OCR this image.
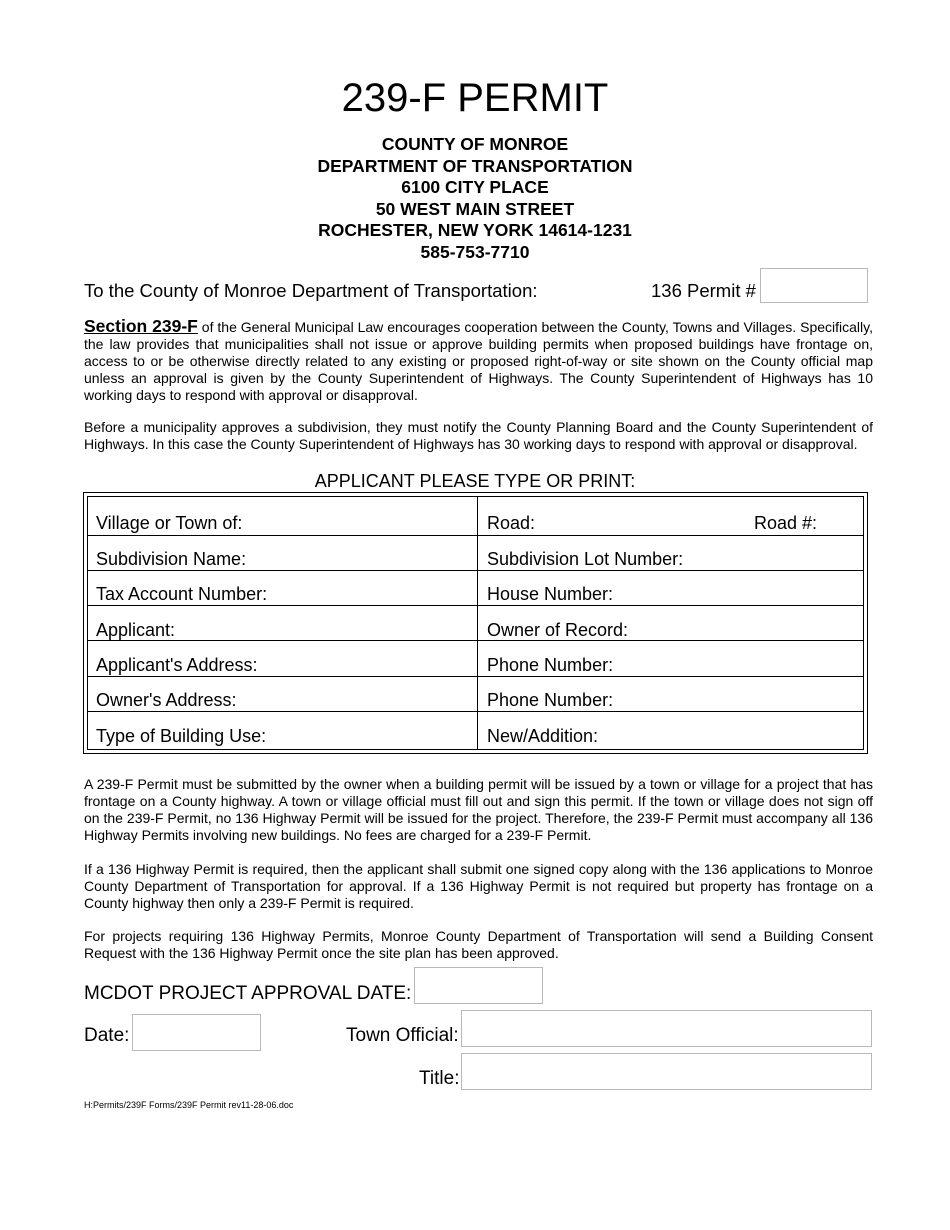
239-F PERMIT
COUNTY OF MONROE
DEPARTMENT OF TRANSPORTATION
6100 CITY PLACE
50 WEST MAIN STREET
ROCHESTER, NEW YORK 14614-1231
585-753-7710
To the County of Monroe Department of Transportation:	136 Permit #
Section 239-F of the General Municipal Law encourages cooperation between the County, Towns and Villages. Specifically, the law provides that municipalities shall not issue or approve building permits when proposed buildings have frontage on, access to or be otherwise directly related to any existing or proposed right-of-way or site shown on the County official map unless an approval is given by the County Superintendent of Highways. The County Superintendent of Highways has 10 working days to respond with approval or disapproval.
Before a municipality approves a subdivision, they must notify the County Planning Board and the County Superintendent of Highways. In this case the County Superintendent of Highways has 30 working days to respond with approval or disapproval.
APPLICANT PLEASE TYPE OR PRINT:
Village or Town of:	Road:	Road #:
Subdivision Name:	Subdivision Lot Number:
Tax Account Number:	House Number:
Applicant:	Owner of Record:
Applicant's Address:	Phone Number:
Owner's Address:	Phone Number:
Type of Building Use:	New/Addition:
A 239-F Permit must be submitted by the owner when a building permit will be issued by a town or village for a project that has frontage on a County highway. A town or village official must fill out and sign this permit. If the town or village does not sign off on the 239-F Permit, no 136 Highway Permit will be issued for the project. Therefore, the 239-F Permit must accompany all 136 Highway Permits involving new buildings. No fees are charged for a 239-F Permit.
If a 136 Highway Permit is required, then the applicant shall submit one signed copy along with the 136 applications to Monroe County Department of Transportation for approval. If a 136 Highway Permit is not required but property has frontage on a County highway then only a 239-F Permit is required.
For projects requiring 136 Highway Permits, Monroe County Department of Transportation will send a Building Consent Request with the 136 Highway Permit once the site plan has been approved.
MCDOT PROJECT APPROVAL DATE:
Date:	Town Official:
Title:
H:Permits/239F Forms/239F Permit rev11-28-06.doc
